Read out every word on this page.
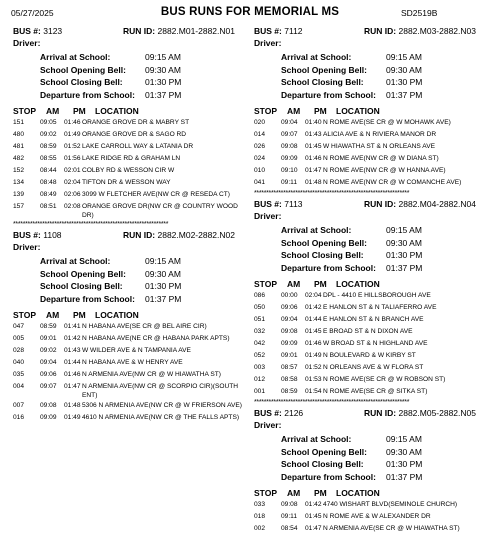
05/27/2025	BUS RUNS FOR MEMORIAL MS	SD2519B
BUS #: 3123	RUN ID: 2882.M01-2882.N01
Driver:
Arrival at School:	09:15 AM
School Opening Bell: 09:30 AM
School Closing Bell:	01:30 PM
Departure from School: 01:37 PM
STOP AM PM LOCATION
151 09:05 01:46 ORANGE GROVE DR & MABRY ST
480 09:02 01:49 ORANGE GROVE DR & SAGO RD
481 08:59 01:52 LAKE CARROLL WAY & LATANIA DR
482 08:55 01:56 LAKE RIDGE RD & GRAHAM LN
152 08:44 02:01 COLBY RD & WESSON CIR W
134 08:48 02:04 TIFTON DR & WESSON WAY
139 08:49 02:06 3099 W FLETCHER AVE(NW CR @ RESEDA CT)
157 08:51 02:08 ORANGE GROVE DR(NW CR @ COUNTRY WOOD DR)
****************************************************************
BUS #: 1108	RUN ID: 2882.M02-2882.N02
Driver:
Arrival at School:	09:15 AM
School Opening Bell: 09:30 AM
School Closing Bell:	01:30 PM
Departure from School: 01:37 PM
STOP AM PM LOCATION
047 08:59 01:41 N HABANA AVE(SE CR @ BEL AIRE CIR)
005 09:01 01:42 N HABANA AVE(NE CR @ HABANA PARK APTS)
028 09:02 01:43 W WILDER AVE & N TAMPANIA AVE
040 09:04 01:44 N HABANA AVE & W HENRY AVE
035 09:06 01:46 N ARMENIA AVE(NW CR @ W HIAWATHA ST)
004 09:07 01:47 N ARMENIA AVE(NW CR @ SCORPIO CIR)(SOUTH ENT)
007 09:08 01:48 5306 N ARMENIA AVE(NW CR @ W FRIERSON AVE)
016 09:09 01:49 4610 N ARMENIA AVE(NW CR @ THE FALLS APTS)
BUS #: 7112	RUN ID: 2882.M03-2882.N03
Driver:
Arrival at School:	09:15 AM
School Opening Bell: 09:30 AM
School Closing Bell:	01:30 PM
Departure from School: 01:37 PM
STOP AM PM LOCATION
020 09:04 01:40 N ROME AVE(SE CR @ W MOHAWK AVE)
014 09:07 01:43 ALICIA AVE & N RIVIERA MANOR DR
026 09:08 01:45 W HIAWATHA ST & N ORLEANS AVE
024 09:09 01:46 N ROME AVE(NW CR @ W DIANA ST)
010 09:10 01:47 N ROME AVE(NW CR @ W HANNA AVE)
041 09:11 01:48 N ROME AVE(NW CR @ W COMANCHE AVE)
****************************************************************
BUS #: 7113	RUN ID: 2882.M04-2882.N04
Driver:
Arrival at School:	09:15 AM
School Opening Bell: 09:30 AM
School Closing Bell:	01:30 PM
Departure from School: 01:37 PM
STOP AM PM LOCATION
086 00:00 02:04 DPL - 4410 E HILLSBOROUGH AVE
050 09:06 01:42 E HANLON ST & N TALIAFERRO AVE
051 09:04 01:44 E HANLON ST & N BRANCH AVE
032 09:08 01:45 E BROAD ST & N DIXON AVE
042 09:09 01:46 W BROAD ST & N HIGHLAND AVE
052 09:01 01:49 N BOULEVARD & W KIRBY ST
003 08:57 01:52 N ORLEANS AVE & W FLORA ST
012 08:58 01:53 N ROME AVE(SE CR @ W ROBSON ST)
001 08:59 01:54 N ROME AVE(SE CR @ SITKA ST)
****************************************************************
BUS #: 2126	RUN ID: 2882.M05-2882.N05
Driver:
Arrival at School:	09:15 AM
School Opening Bell: 09:30 AM
School Closing Bell:	01:30 PM
Departure from School: 01:37 PM
STOP AM PM LOCATION
033 09:08 01:42 4740 WISHART BLVD(SEMINOLE CHURCH)
018 09:11 01:45 N ROME AVE & W ALEXANDER DR
002 08:54 01:47 N ARMENIA AVE(SE CR @ W HIAWATHA ST)
